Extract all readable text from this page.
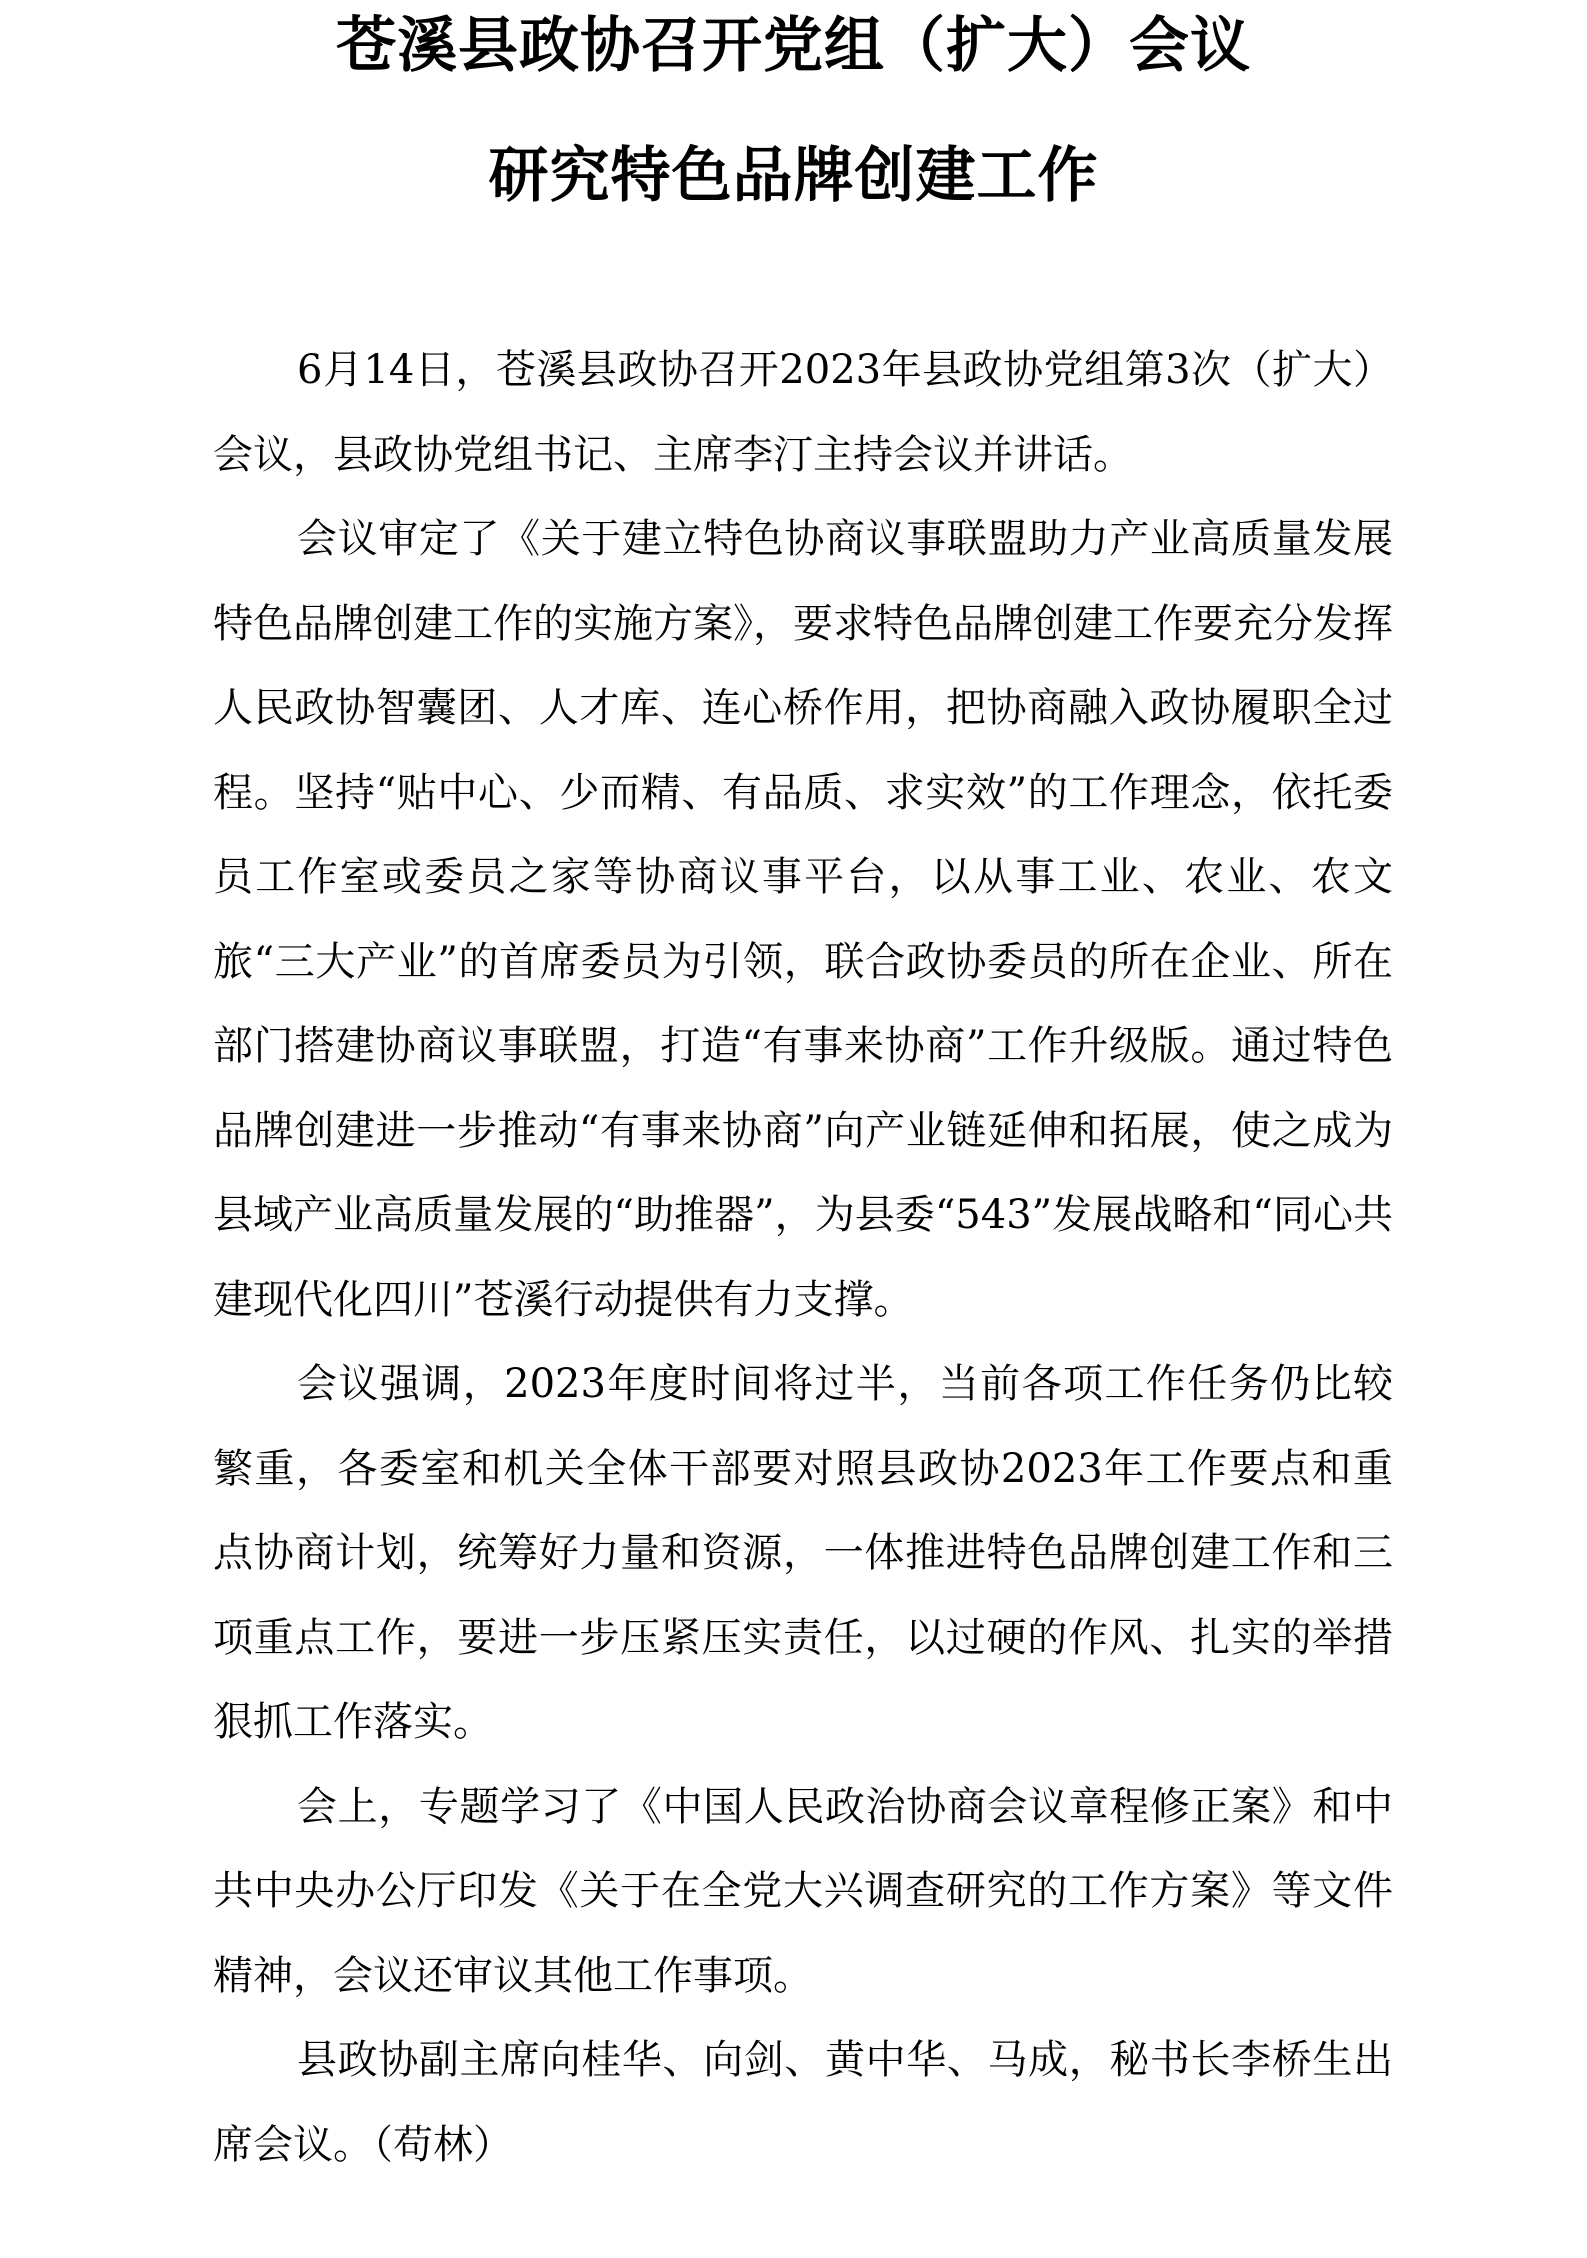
苍溪县政协召开党组（扩大）会议
研究特色品牌创建工作

6月14日，苍溪县政协召开2023年县政协党组第3次（扩大）会议，县政协党组书记、主席李汀主持会议并讲话。

会议审定了《关于建立特色协商议事联盟助力产业高质量发展特色品牌创建工作的实施方案》，要求特色品牌创建工作要充分发挥人民政协智囊团、人才库、连心桥作用，把协商融入政协履职全过程。坚持“贴中心、少而精、有品质、求实效”的工作理念，依托委员工作室或委员之家等协商议事平台，以从事工业、农业、农文旅“三大产业”的首席委员为引领，联合政协委员的所在企业、所在部门搭建协商议事联盟，打造“有事来协商”工作升级版。通过特色品牌创建进一步推动“有事来协商”向产业链延伸和拓展，使之成为县域产业高质量发展的“助推器”，为县委“543”发展战略和“同心共建现代化四川”苍溪行动提供有力支撑。

会议强调，2023年度时间将过半，当前各项工作任务仍比较繁重，各委室和机关全体干部要对照县政协2023年工作要点和重点协商计划，统筹好力量和资源，一体推进特色品牌创建工作和三项重点工作，要进一步压紧压实责任，以过硬的作风、扎实的举措狠抓工作落实。

会上，专题学习了《中国人民政治协商会议章程修正案》和中共中央办公厅印发《关于在全党大兴调查研究的工作方案》等文件精神，会议还审议其他工作事项。

县政协副主席向桂华、向剑、黄中华、马成，秘书长李桥生出席会议。（苟林）
